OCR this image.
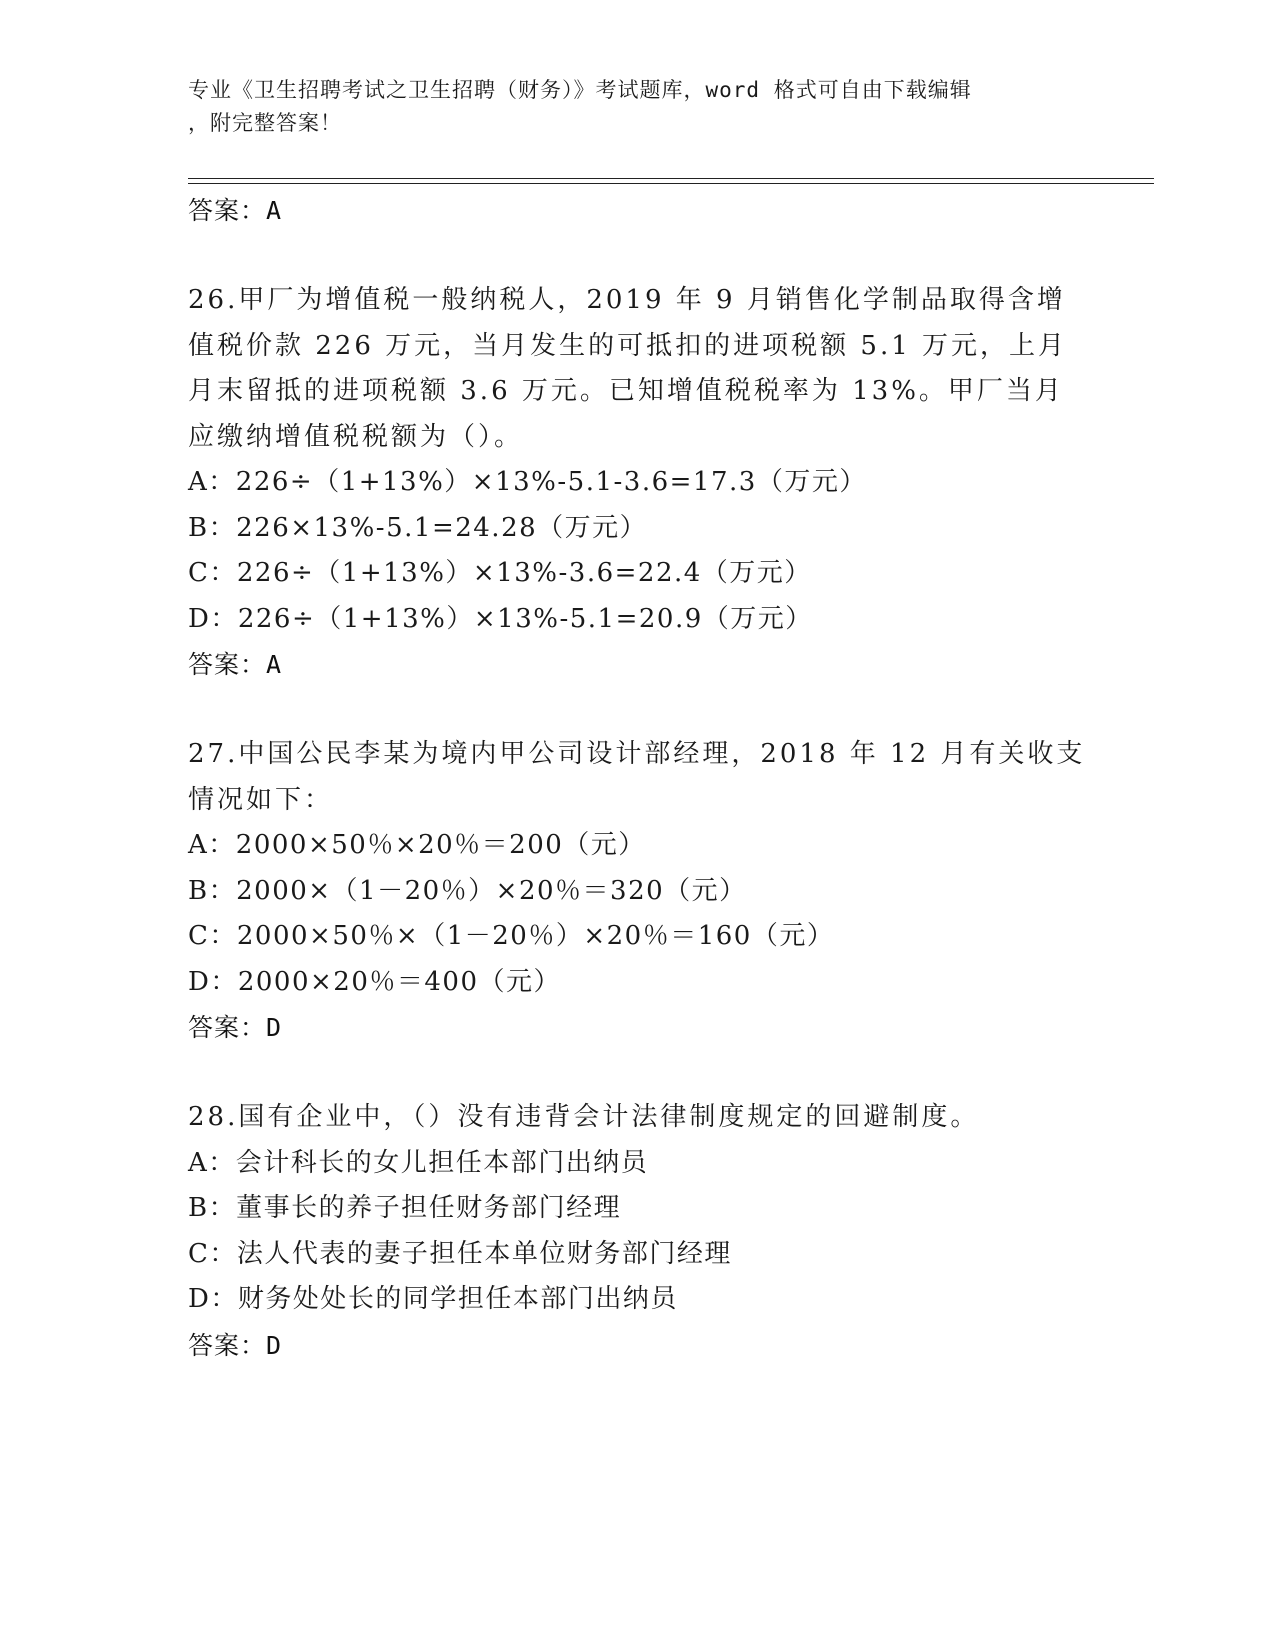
专业《卫生招聘考试之卫生招聘（财务）》考试题库，word 格式可自由下载编辑
，附完整答案！
答案：A
26.甲厂为增值税一般纳税人，2019 年 9 月销售化学制品取得含增值税价款 226 万元，当月发生的可抵扣的进项税额 5.1 万元，上月月末留抵的进项税额 3.6 万元。已知增值税税率为 13%。甲厂当月应缴纳增值税税额为（）。
A：226÷（1+13%）×13%-5.1-3.6=17.3（万元）
B：226×13%-5.1=24.28（万元）
C：226÷（1+13%）×13%-3.6=22.4（万元）
D：226÷（1+13%）×13%-5.1=20.9（万元）
答案：A
27.中国公民李某为境内甲公司设计部经理，2018 年 12 月有关收支情况如下：
A：2000×50％×20％＝200（元）
B：2000×（1－20％）×20％＝320（元）
C：2000×50％×（1－20％）×20％＝160（元）
D：2000×20％＝400（元）
答案：D
28.国有企业中，（）没有违背会计法律制度规定的回避制度。
A：会计科长的女儿担任本部门出纳员
B：董事长的养子担任财务部门经理
C：法人代表的妻子担任本单位财务部门经理
D：财务处处长的同学担任本部门出纳员
答案：D
